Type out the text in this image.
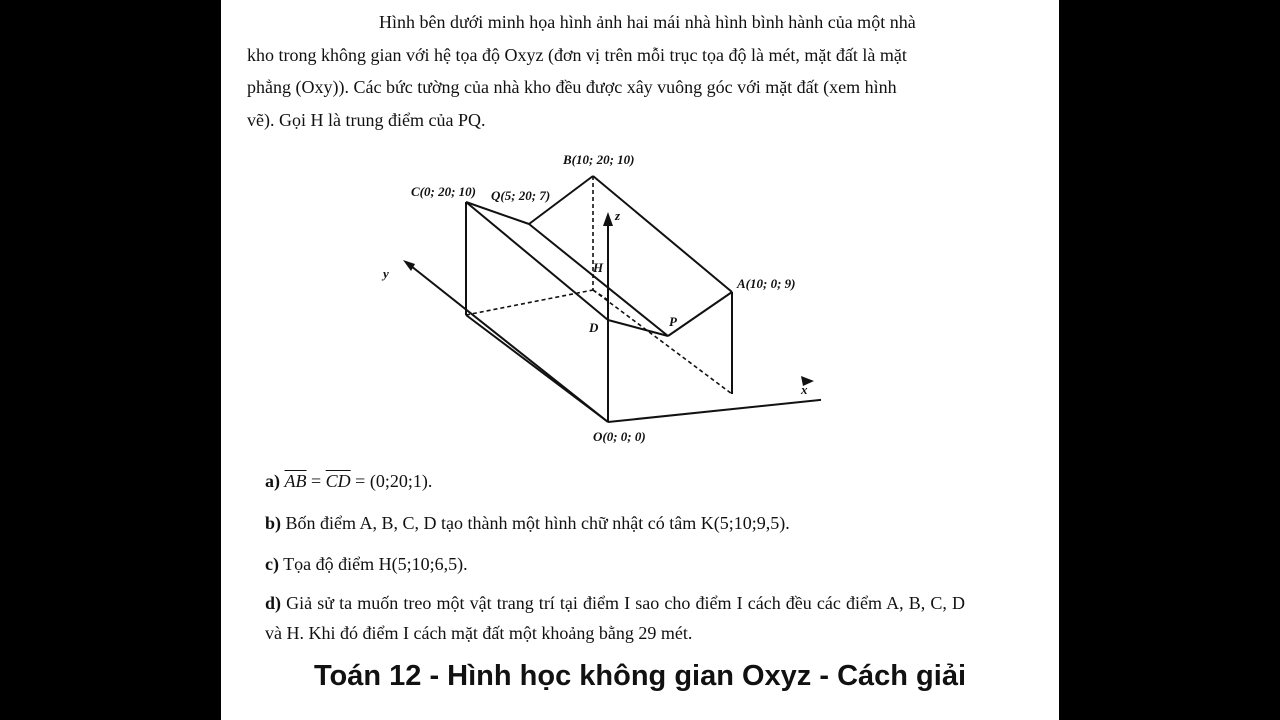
Hình bên dưới minh họa hình ảnh hai mái nhà hình bình hành của một nhà
kho trong không gian với hệ tọa độ Oxyz (đơn vị trên mỗi trục tọa độ là mét, mặt đất là mặt
phẳng (Oxy)). Các bức tường của nhà kho đều được xây vuông góc với mặt đất (xem hình
vẽ). Gọi H là trung điểm của PQ.
B(10; 20; 10)
C(0; 20; 10) Q(5; 20; 7)
A(10; 0; 9)
O(0; 0; 0)
H
D	P
x
y
z

a) $\overline{AB} = \overline{CD}$ = (0;20;1).

b) Bốn điểm A, B, C, D tạo thành một hình chữ nhật có tâm K(5;10;9,5).

c) Tọa độ điểm H(5;10;6,5).

d) Giả sử ta muốn treo một vật trang trí tại điểm I sao cho điểm I cách đều các điểm A, B, C, D và H. Khi đó điểm I cách mặt đất một khoảng bằng 29 mét.

Toán 12 - Hình học không gian Oxyz - Cách giải
